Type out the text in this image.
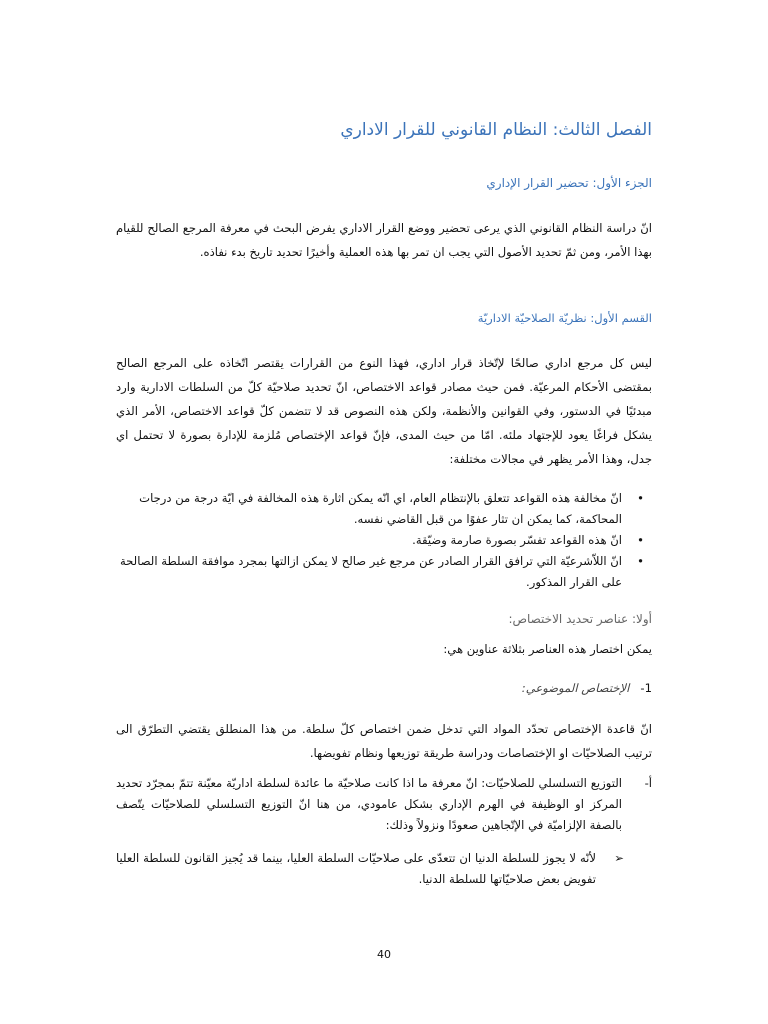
الفصل الثالث: النظام القانوني للقرار الاداري
الجزء الأول: تحضير القرار الإداري
انّ دراسة النظام القانوني الذي يرعى تحضير ووضع القرار الاداري يفرض البحث في معرفة المرجع الصالح للقيام بهذا الأمر، ومن ثمّ تحديد الأصول التي يجب ان تمر بها هذه العملية وأخيرًا تحديد تاريخ بدء نفاذه.
القسم الأول: نظريّة الصلاحيّة الاداريّة
ليس كل مرجع اداري صالحًا لإتّخاذ قرار اداري، فهذا النوع من القرارات يقتصر اتّخاذه على المرجع الصالح بمقتضى الأحكام المرعيّة. فمن حيث مصادر قواعد الاختصاص، انّ تحديد صلاحيّة كلّ من السلطات الادارية وارد مبدئيًا في الدستور، وفي القوانين والأنظمة، ولكن هذه النصوص قد لا تتضمن كلّ قواعد الاختصاص، الأمر الذي يشكل فراغًا يعود للإجتهاد ملئه. امّا من حيث المدى، فإنّ قواعد الإختصاص مُلزمة للإدارة بصورة لا تحتمل اي جدل، وهذا الأمر يظهر في مجالات مختلفة:
•
انّ مخالفة هذه القواعد تتعلق بالإنتظام العام، اي انّه يمكن اثارة هذه المخالفة في ايّة درجة من درجات المحاكمة، كما يمكن ان تثار عفوًا من قبل القاضي نفسه.
•
انّ هذه القواعد تفسّر بصورة صارمة وضيّقة.
•
انّ اللاّشرعيّة التي ترافق القرار الصادر عن مرجع غير صالح لا يمكن ازالتها بمجرد موافقة السلطة الصالحة على القرار المذكور.
أولا: عناصر تحديد الاختصاص:
يمكن اختصار هذه العناصر بثلاثة عناوين هي:
1-   الإختصاص الموضوعي:
انّ قاعدة الإختصاص تحدّد المواد التي تدخل ضمن اختصاص كلّ سلطة. من هذا المنطلق يقتضي التطرّق الى ترتيب الصلاحيّات او الإختصاصات ودراسة طريقة توزيعها ونظام تفويضها.
أ-
التوزيع التسلسلي للصلاحيّات: انّ معرفة ما اذا كانت صلاحيّة ما عائدة لسلطة اداريّة معيّنة تتمّ بمجرّد تحديد المركز او الوظيفة في الهرم الإداري بشكل عامودي، من هنا انّ التوزيع التسلسلي للصلاحيّات يتّصف بالصفة الإلزاميّة في الإتّجاهين صعودًا ونزولاً وذلك:
➢
لأنّه لا يجوز للسلطة الدنيا ان تتعدّى على صلاحيّات السلطة العليا، بينما قد يُجيز القانون للسلطة العليا تفويض بعض صلاحيّاتها للسلطة الدنيا.
40
